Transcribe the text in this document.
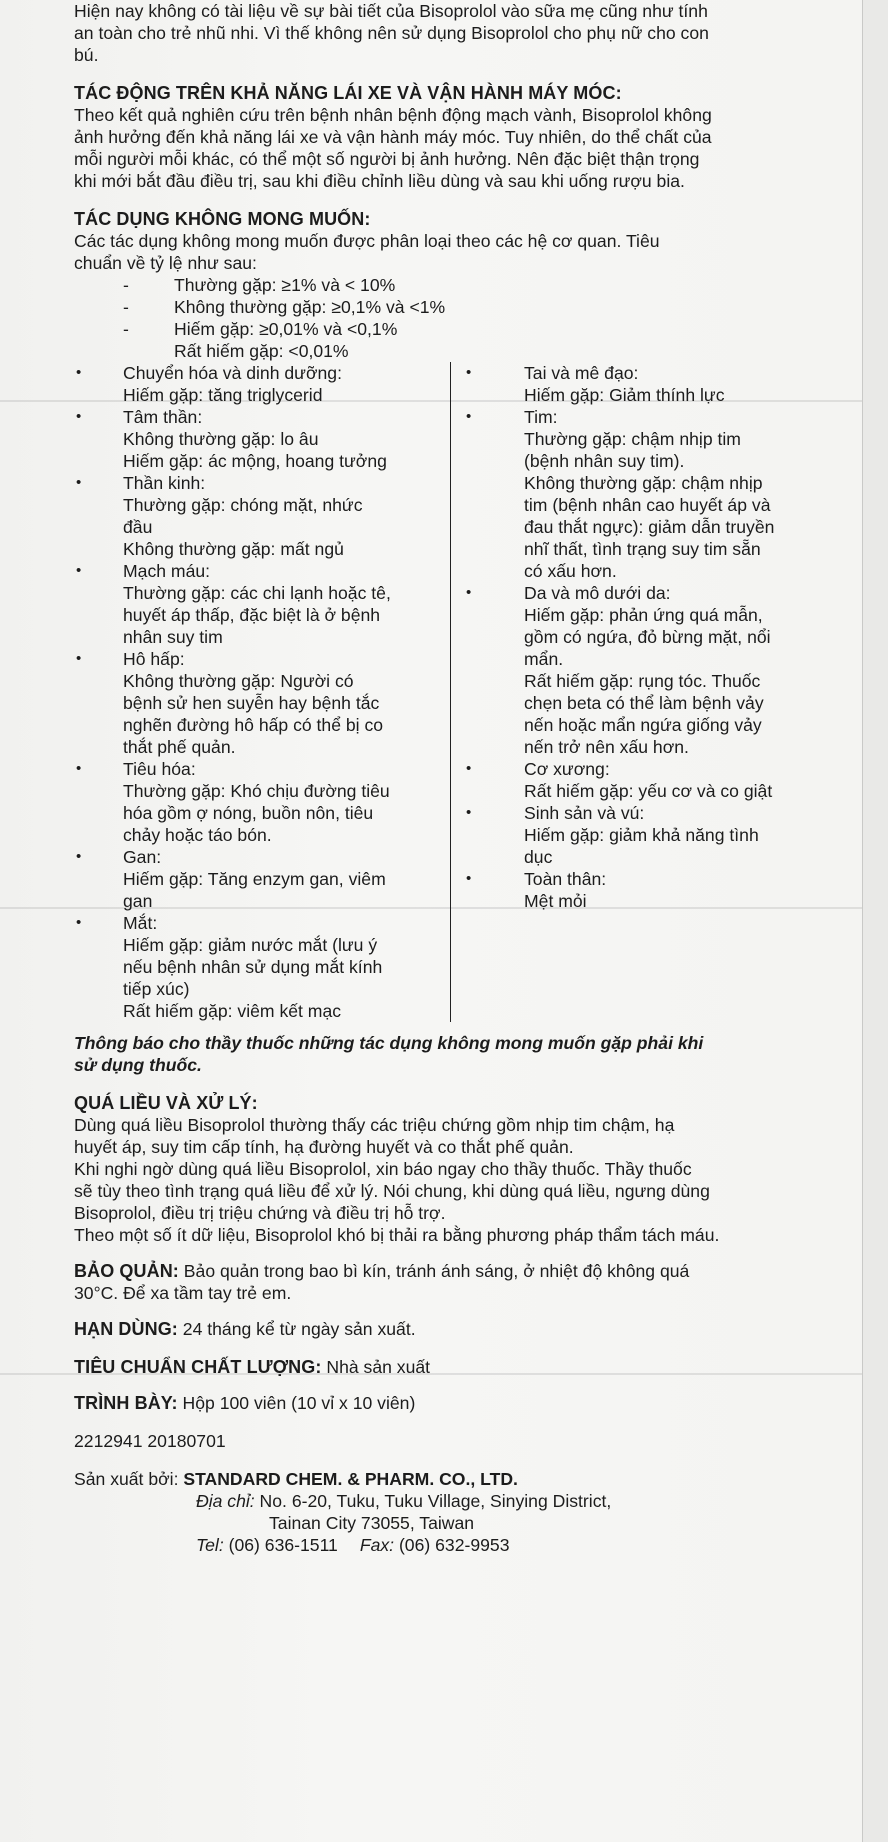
Hiện nay không có tài liệu về sự bài tiết của Bisoprolol vào sữa mẹ cũng như tính

an toàn cho trẻ nhũ nhi. Vì thế không nên sử dụng Bisoprolol cho phụ nữ cho con

bú.

TÁC ĐỘNG TRÊN KHẢ NĂNG LÁI XE VÀ VẬN HÀNH MÁY MÓC:

Theo kết quả nghiên cứu trên bệnh nhân bệnh động mạch vành, Bisoprolol không

ảnh hưởng đến khả năng lái xe và vận hành máy móc. Tuy nhiên, do thể chất của

mỗi người mỗi khác, có thể một số người bị ảnh hưởng. Nên đặc biệt thận trọng

khi mới bắt đầu điều trị, sau khi điều chỉnh liều dùng và sau khi uống rượu bia.

TÁC DỤNG KHÔNG MONG MUỐN:

Các tác dụng không mong muốn được phân loại theo các hệ cơ quan. Tiêu

chuẩn về tỷ lệ như sau:

-	Thường gặp: ≥1% và < 10%
-	Không thường gặp: ≥0,1% và <1%
-	Hiếm gặp: ≥0,01% và <0,1%
Rất hiếm gặp: <0,01%
• Chuyển hóa và dinh dưỡng:

Hiếm gặp: tăng triglycerid

• Tâm thần:

Không thường gặp: lo âu

Hiếm gặp: ác mộng, hoang tưởng

• Thần kinh:

Thường gặp: chóng mặt, nhức

đầu

Không thường gặp: mất ngủ

• Mạch máu:

Thường gặp: các chi lạnh hoặc tê,

huyết áp thấp, đặc biệt là ở bệnh

nhân suy tim

• Hô hấp:

Không thường gặp: Người có

bệnh sử hen suyễn hay bệnh tắc

nghẽn đường hô hấp có thể bị co

thắt phế quản.

• Tiêu hóa:

Thường gặp: Khó chịu đường tiêu

hóa gồm ợ nóng, buồn nôn, tiêu

chảy hoặc táo bón.

• Gan:

Hiếm gặp: Tăng enzym gan, viêm

gan

• Mắt:

Hiếm gặp: giảm nước mắt (lưu ý

nếu bệnh nhân sử dụng mắt kính

tiếp xúc)

Rất hiếm gặp: viêm kết mạc

•	Tai và mê đạo:

Hiếm gặp: Giảm thính lực

•	Tim:

Thường gặp: chậm nhịp tim

(bệnh nhân suy tim).

Không thường gặp: chậm nhịp

tim (bệnh nhân cao huyết áp và

đau thắt ngực): giảm dẫn truyền

nhĩ thất, tình trạng suy tim sẵn

có xấu hơn.

•	Da và mô dưới da:

Hiếm gặp: phản ứng quá mẫn,

gồm có ngứa, đỏ bừng mặt, nổi

mẩn.

Rất hiếm gặp: rụng tóc. Thuốc

chẹn beta có thể làm bệnh vảy

nến hoặc mẩn ngứa giống vảy

nến trở nên xấu hơn.

•	Cơ xương:

Rất hiếm gặp: yếu cơ và co giật

•	Sinh sản và vú:

Hiếm gặp: giảm khả năng tình

dục

•	Toàn thân:

Mệt mỏi

Thông báo cho thầy thuốc những tác dụng không mong muốn gặp phải khi

sử dụng thuốc.

QUÁ LIỀU VÀ XỬ LÝ:

Dùng quá liều Bisoprolol thường thấy các triệu chứng gồm nhịp tim chậm, hạ

huyết áp, suy tim cấp tính, hạ đường huyết và co thắt phế quản.

Khi nghi ngờ dùng quá liều Bisoprolol, xin báo ngay cho thầy thuốc. Thầy thuốc

sẽ tùy theo tình trạng quá liều để xử lý. Nói chung, khi dùng quá liều, ngưng dùng

Bisoprolol, điều trị triệu chứng và điều trị hỗ trợ.

Theo một số ít dữ liệu, Bisoprolol khó bị thải ra bằng phương pháp thẩm tách máu.

BẢO QUẢN: Bảo quản trong bao bì kín, tránh ánh sáng, ở nhiệt độ không quá

30°C. Để xa tầm tay trẻ em.

HẠN DÙNG: 24 tháng kể từ ngày sản xuất.

TIÊU CHUẨN CHẤT LƯỢNG: Nhà sản xuất

TRÌNH BÀY: Hộp 100 viên (10 vỉ x 10 viên)

2212941 20180701

Sản xuất bởi: STANDARD CHEM. & PHARM. CO., LTD.

Địa chỉ: No. 6-20, Tuku, Tuku Village, Sinying District,

Tainan City 73055, Taiwan

Tel: (06) 636-1511 Fax: (06) 632-9953
